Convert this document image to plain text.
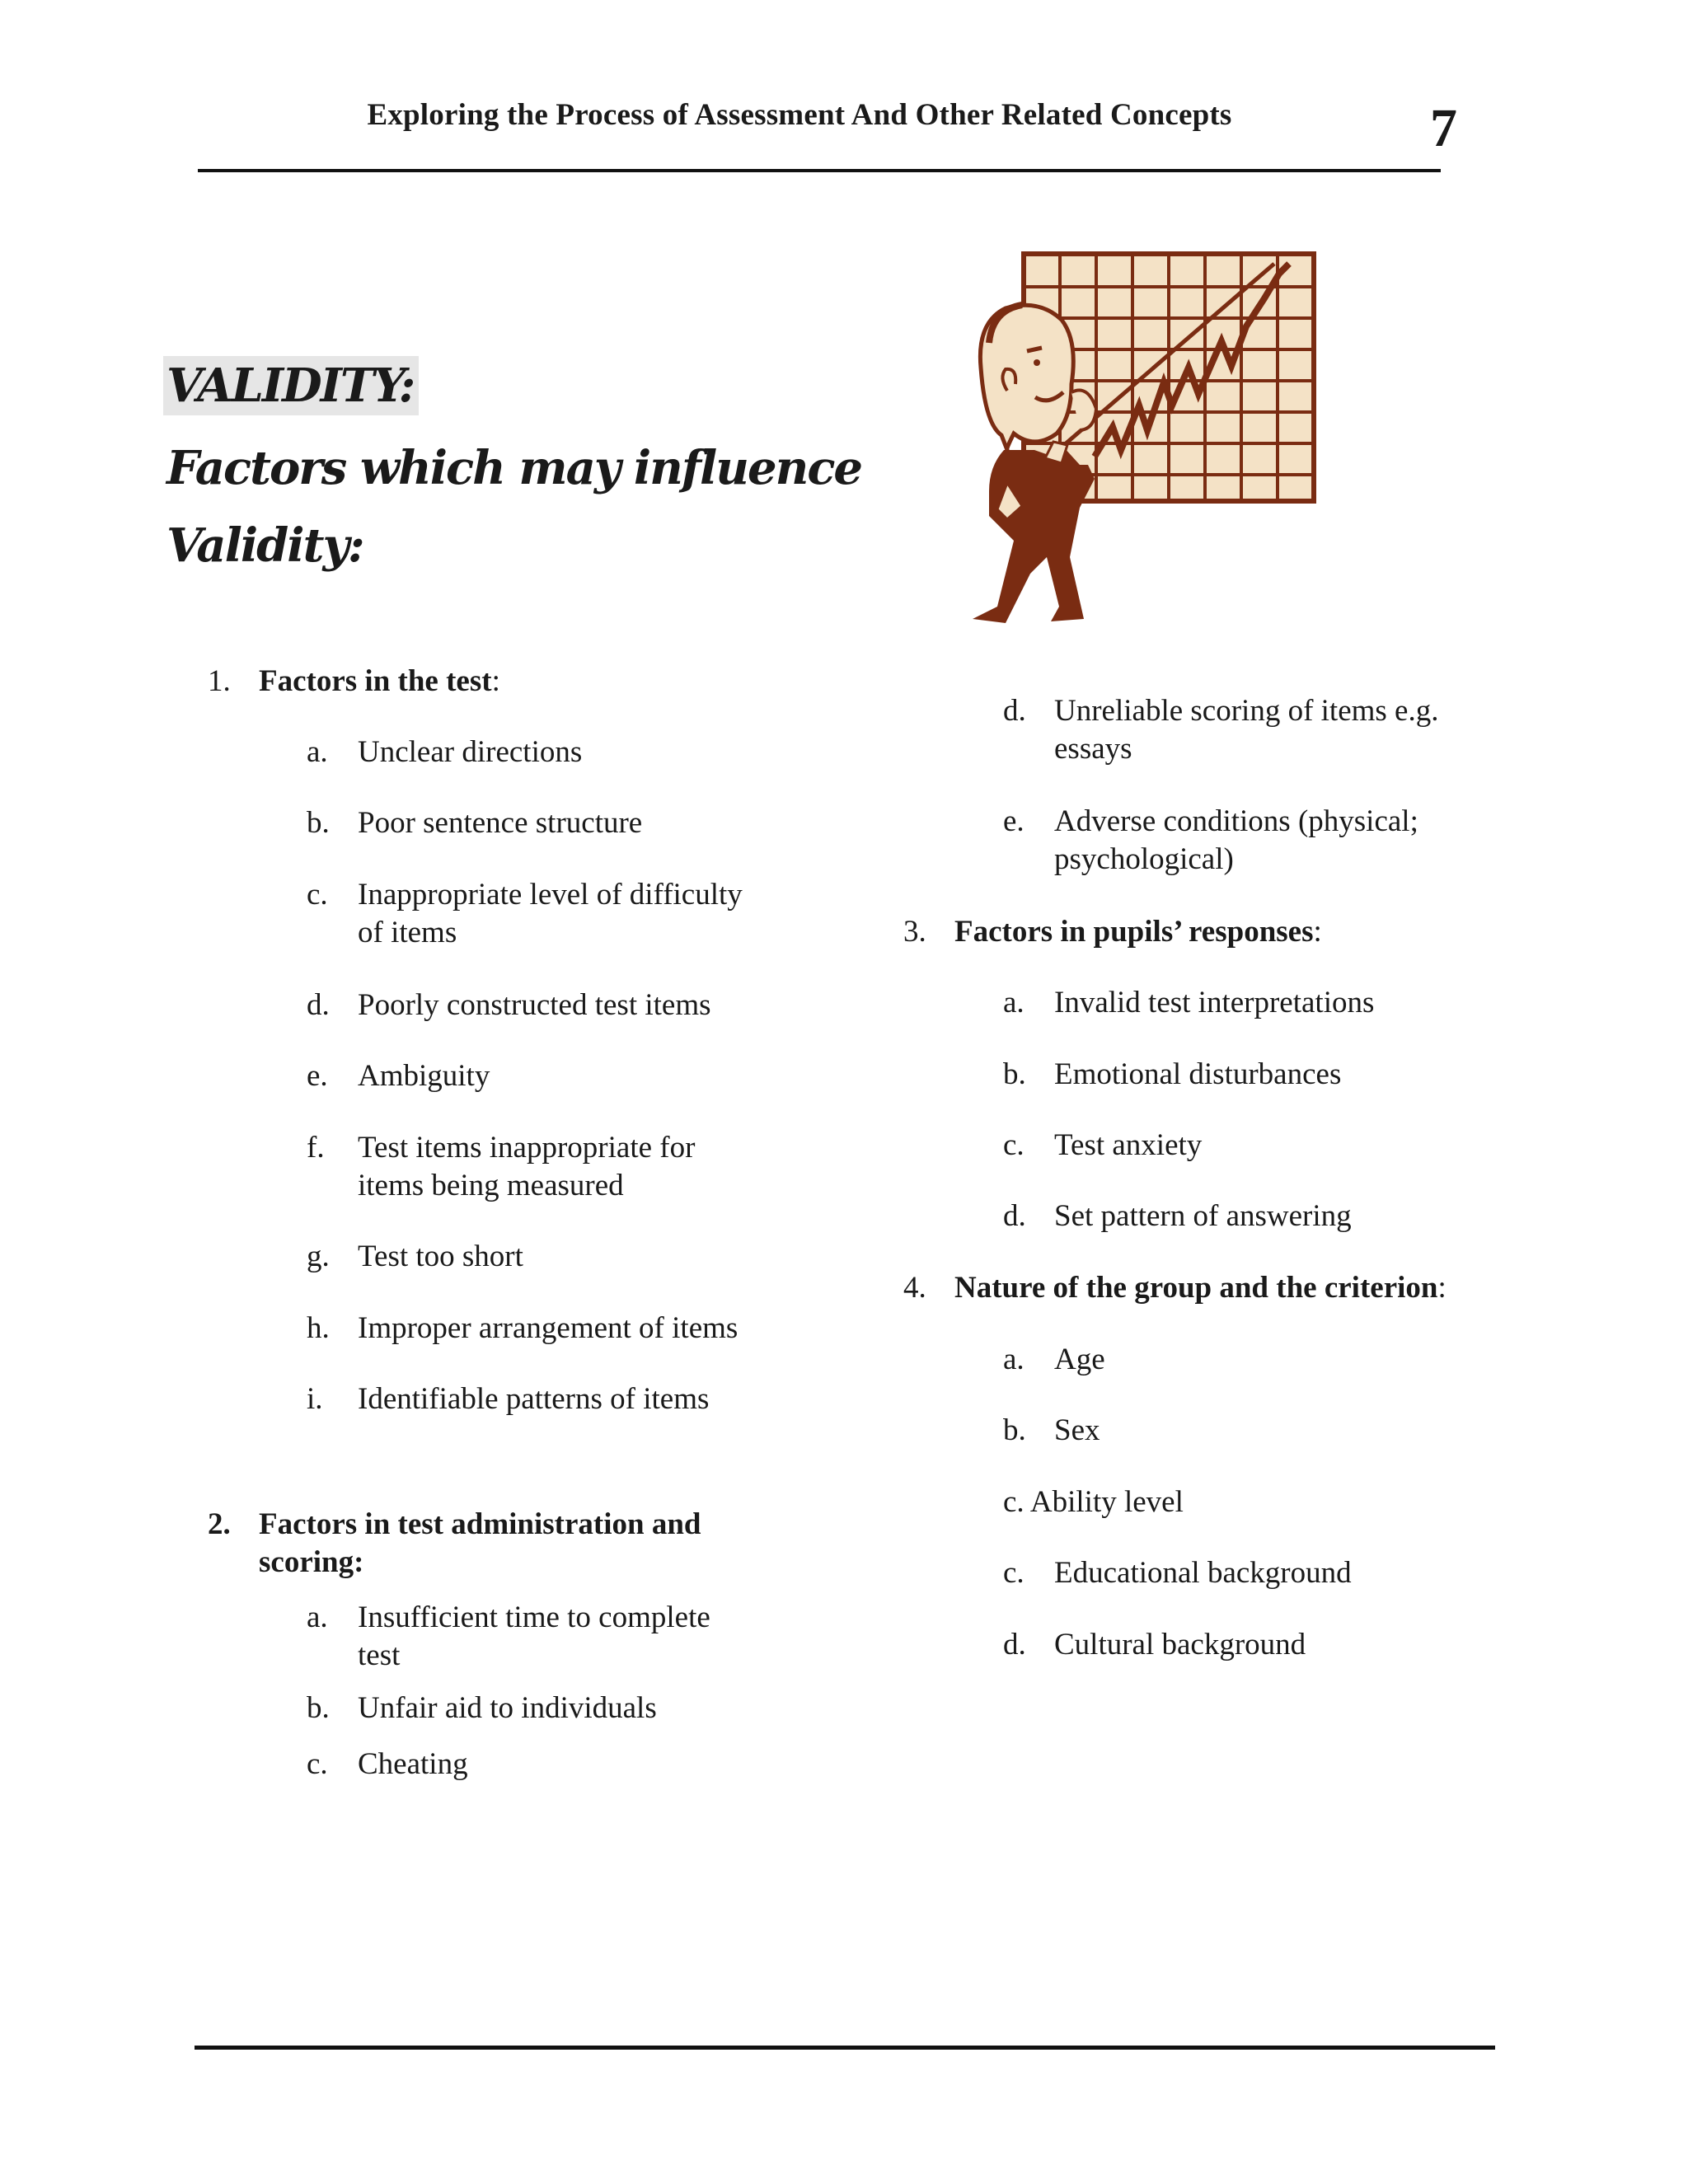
Exploring the Process of Assessment And Other Related Concepts	7
VALIDITY:
Factors which may influence
Validity:
1. Factors in the test:
a. Unclear directions
b. Poor sentence structure
c. Inappropriate level of difficulty
of items
d. Poorly constructed test items
e. Ambiguity
f. Test items inappropriate for
items being measured
g. Test too short
h. Improper arrangement of items
i. Identifiable patterns of items
2. Factors in test administration and
scoring:
a. Insufficient time to complete
test
b. Unfair aid to individuals
c. Cheating
d. Unreliable scoring of items e.g.
essays
e. Adverse conditions (physical;
psychological)
3. Factors in pupils’ responses:
a. Invalid test interpretations
b. Emotional disturbances
c. Test anxiety
d. Set pattern of answering
4. Nature of the group and the criterion:
a. Age
b. Sex
c. Ability level
c. Educational background
d. Cultural background
